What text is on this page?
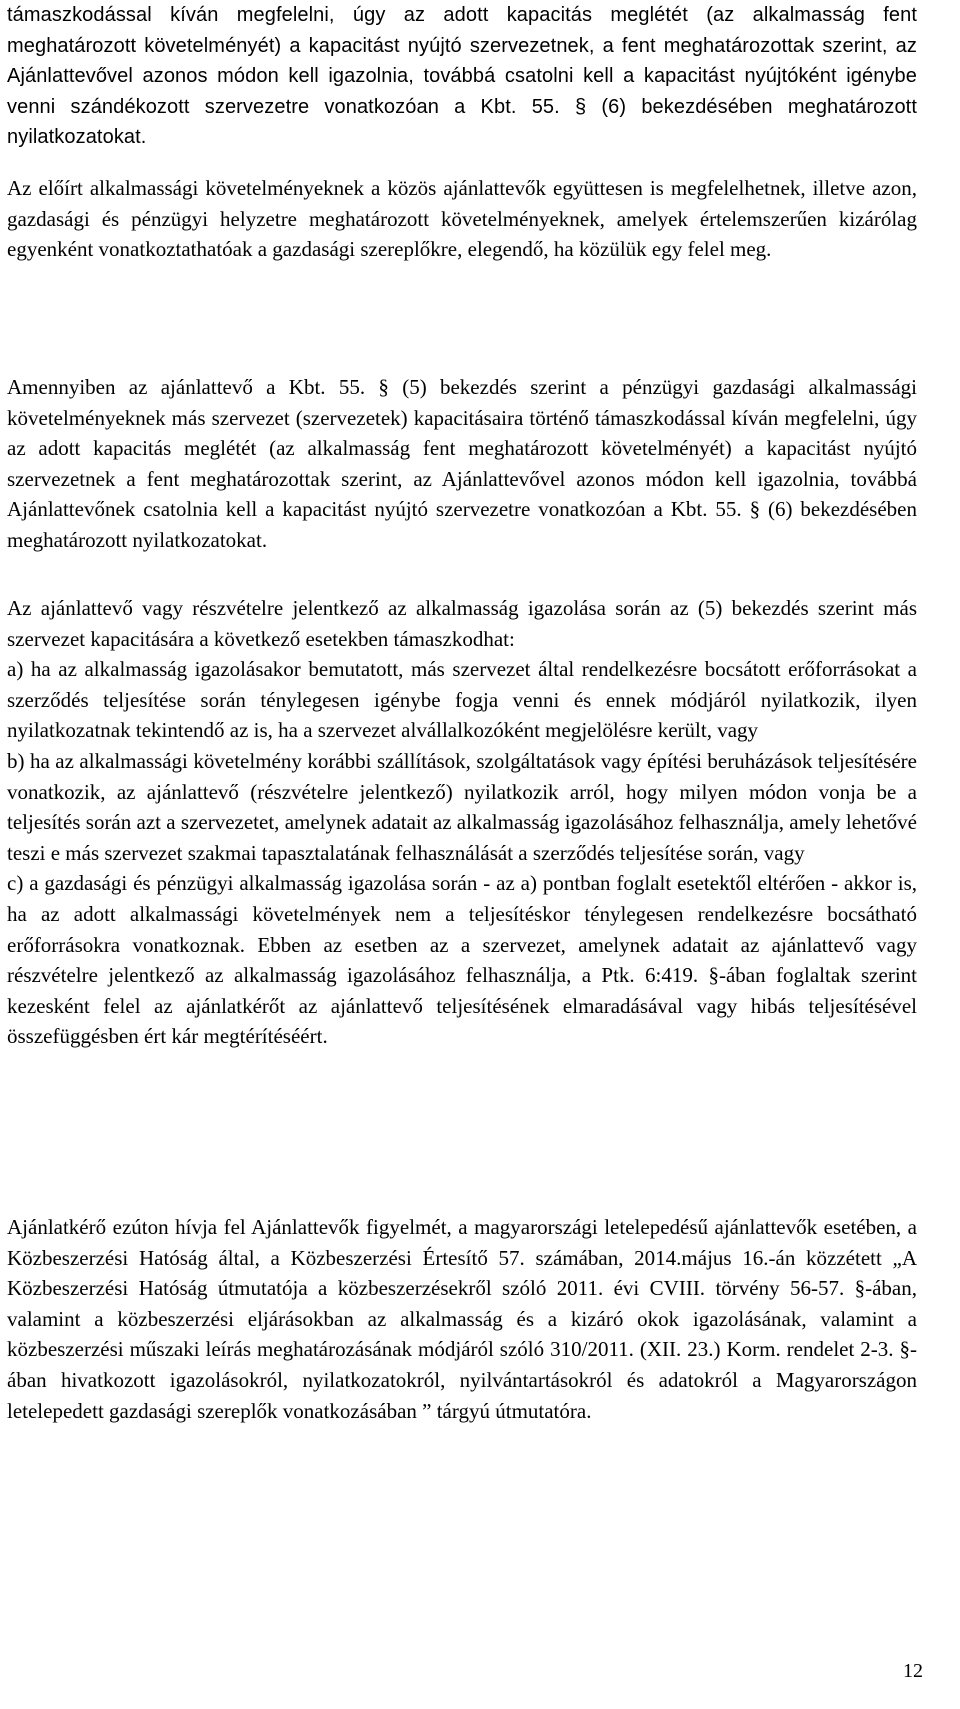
támaszkodással kíván megfelelni, úgy az adott kapacitás meglétét (az alkalmasság fent meghatározott követelményét) a kapacitást nyújtó szervezetnek, a fent meghatározottak szerint, az Ajánlattevővel azonos módon kell igazolnia, továbbá csatolni kell a kapacitást nyújtóként igénybe venni szándékozott szervezetre vonatkozóan a Kbt. 55. § (6) bekezdésében meghatározott nyilatkozatokat.

Az előírt alkalmassági követelményeknek a közös ajánlattevők együttesen is megfelelhetnek, illetve azon, gazdasági és pénzügyi helyzetre meghatározott követelményeknek, amelyek értelemszerűen kizárólag egyenként vonatkoztathatóak a gazdasági szereplőkre, elegendő, ha közülük egy felel meg.

Amennyiben az ajánlattevő a Kbt. 55. § (5) bekezdés szerint a pénzügyi gazdasági alkalmassági követelményeknek más szervezet (szervezetek) kapacitásaira történő támaszkodással kíván megfelelni, úgy az adott kapacitás meglétét (az alkalmasság fent meghatározott követelményét) a kapacitást nyújtó szervezetnek a fent meghatározottak szerint, az Ajánlattevővel azonos módon kell igazolnia, továbbá Ajánlattevőnek csatolnia kell a kapacitást nyújtó szervezetre vonatkozóan a Kbt. 55. § (6) bekezdésében meghatározott nyilatkozatokat.

Az ajánlattevő vagy részvételre jelentkező az alkalmasság igazolása során az (5) bekezdés szerint más szervezet kapacitására a következő esetekben támaszkodhat:
a) ha az alkalmasság igazolásakor bemutatott, más szervezet által rendelkezésre bocsátott erőforrásokat a szerződés teljesítése során ténylegesen igénybe fogja venni és ennek módjáról nyilatkozik, ilyen nyilatkozatnak tekintendő az is, ha a szervezet alvállalkozóként megjelölésre került, vagy
b) ha az alkalmassági követelmény korábbi szállítások, szolgáltatások vagy építési beruházások teljesítésére vonatkozik, az ajánlattevő (részvételre jelentkező) nyilatkozik arról, hogy milyen módon vonja be a teljesítés során azt a szervezetet, amelynek adatait az alkalmasság igazolásához felhasználja, amely lehetővé teszi e más szervezet szakmai tapasztalatának felhasználását a szerződés teljesítése során, vagy
c) a gazdasági és pénzügyi alkalmasság igazolása során - az a) pontban foglalt esetektől eltérően - akkor is, ha az adott alkalmassági követelmények nem a teljesítéskor ténylegesen rendelkezésre bocsátható erőforrásokra vonatkoznak. Ebben az esetben az a szervezet, amelynek adatait az ajánlattevő vagy részvételre jelentkező az alkalmasság igazolásához felhasználja, a Ptk. 6:419. §-ában foglaltak szerint kezesként felel az ajánlatkérőt az ajánlattevő teljesítésének elmaradásával vagy hibás teljesítésével összefüggésben ért kár megtérítéséért.

Ajánlatkérő ezúton hívja fel Ajánlattevők figyelmét, a magyarországi letelepedésű ajánlattevők esetében, a Közbeszerzési Hatóság által, a Közbeszerzési Értesítő 57. számában, 2014.május 16.-án közzétett „A Közbeszerzési Hatóság útmutatója a közbeszerzésekről szóló 2011. évi CVIII. törvény 56-57. §-ában, valamint a közbeszerzési eljárásokban az alkalmasság és a kizáró okok igazolásának, valamint a közbeszerzési műszaki leírás meghatározásának módjáról szóló 310/2011. (XII. 23.) Korm. rendelet 2-3. §-ában hivatkozott igazolásokról, nyilatkozatokról, nyilvántartásokról és adatokról a Magyarországon letelepedett gazdasági szereplők vonatkozásában ” tárgyú útmutatóra.

12
